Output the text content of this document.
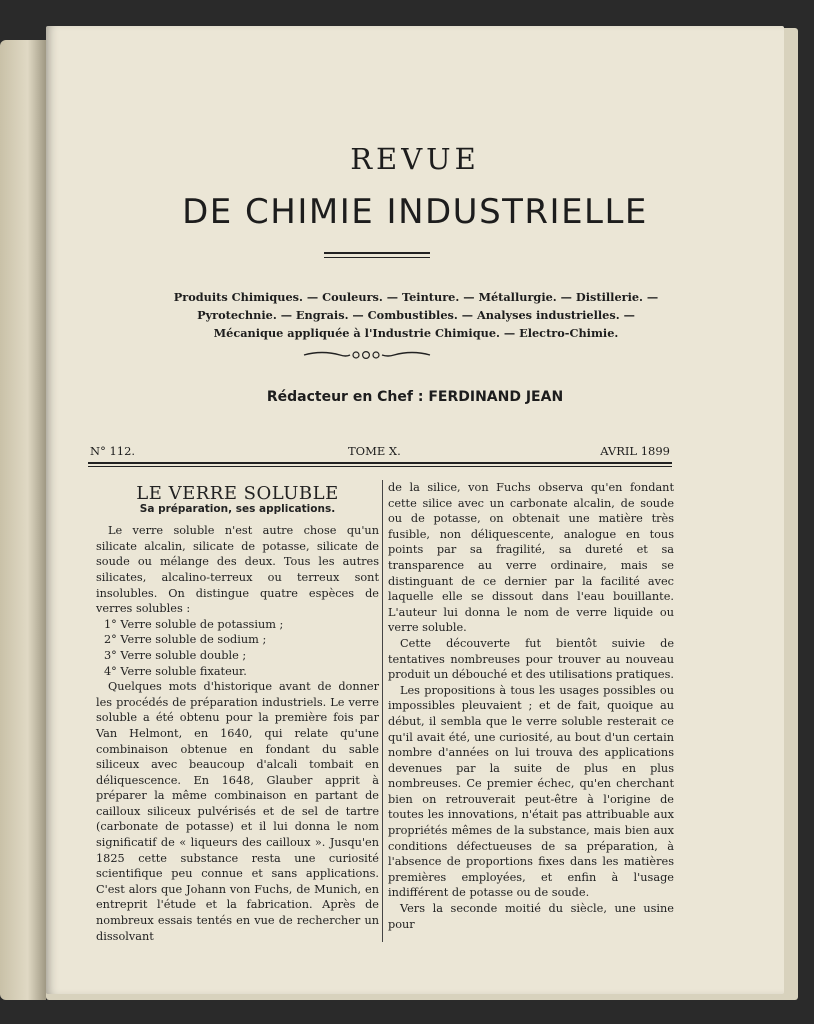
REVUE
DE CHIMIE INDUSTRIELLE
Produits Chimiques. — Couleurs. — Teinture. — Métallurgie. — Distillerie. —
Pyrotechnie. — Engrais. — Combustibles. — Analyses industrielles. —
Mécanique appliquée à l'Industrie Chimique. — Electro-Chimie.
Rédacteur en Chef : FERDINAND JEAN
N° 112.	TOME X.	AVRIL 1899

LE VERRE SOLUBLE

Sa préparation, ses applications.

Le verre soluble n'est autre chose qu'un silicate alcalin, silicate de potasse, silicate de soude ou mélange des deux. Tous les autres silicates, alcalino-terreux ou terreux sont insolubles. On distingue quatre espèces de verres solubles :

1° Verre soluble de potassium ;

2° Verre soluble de sodium ;

3° Verre soluble double ;

4° Verre soluble fixateur.

Quelques mots d'historique avant de donner les procédés de préparation industriels. Le verre soluble a été obtenu pour la première fois par Van Helmont, en 1640, qui relate qu'une combinaison obtenue en fondant du sable siliceux avec beaucoup d'alcali tombait en déliquescence. En 1648, Glauber apprit à préparer la même combinaison en partant de cailloux siliceux pulvérisés et de sel de tartre (carbonate de potasse) et il lui donna le nom significatif de « liqueurs des cailloux ». Jusqu'en 1825 cette substance resta une curiosité scientifique peu connue et sans applications. C'est alors que Johann von Fuchs, de Munich, en entreprit l'étude et la fabrication. Après de nombreux essais tentés en vue de rechercher un dissolvant

de la silice, von Fuchs observa qu'en fondant cette silice avec un carbonate alcalin, de soude ou de potasse, on obtenait une matière très fusible, non déliquescente, analogue en tous points par sa fragilité, sa dureté et sa transparence au verre ordinaire, mais se distinguant de ce dernier par la facilité avec laquelle elle se dissout dans l'eau bouillante. L'auteur lui donna le nom de verre liquide ou verre soluble.

Cette découverte fut bientôt suivie de tentatives nombreuses pour trouver au nouveau produit un débouché et des utilisations pratiques.

Les propositions à tous les usages possibles ou impossibles pleuvaient ; et de fait, quoique au début, il sembla que le verre soluble resterait ce qu'il avait été, une curiosité, au bout d'un certain nombre d'années on lui trouva des applications devenues par la suite de plus en plus nombreuses. Ce premier échec, qu'en cherchant bien on retrouverait peut-être à l'origine de toutes les innovations, n'était pas attribuable aux propriétés mêmes de la substance, mais bien aux conditions défectueuses de sa préparation, à l'absence de proportions fixes dans les matières premières employées, et enfin à l'usage indifférent de potasse ou de soude.

Vers la seconde moitié du siècle, une usine pour
